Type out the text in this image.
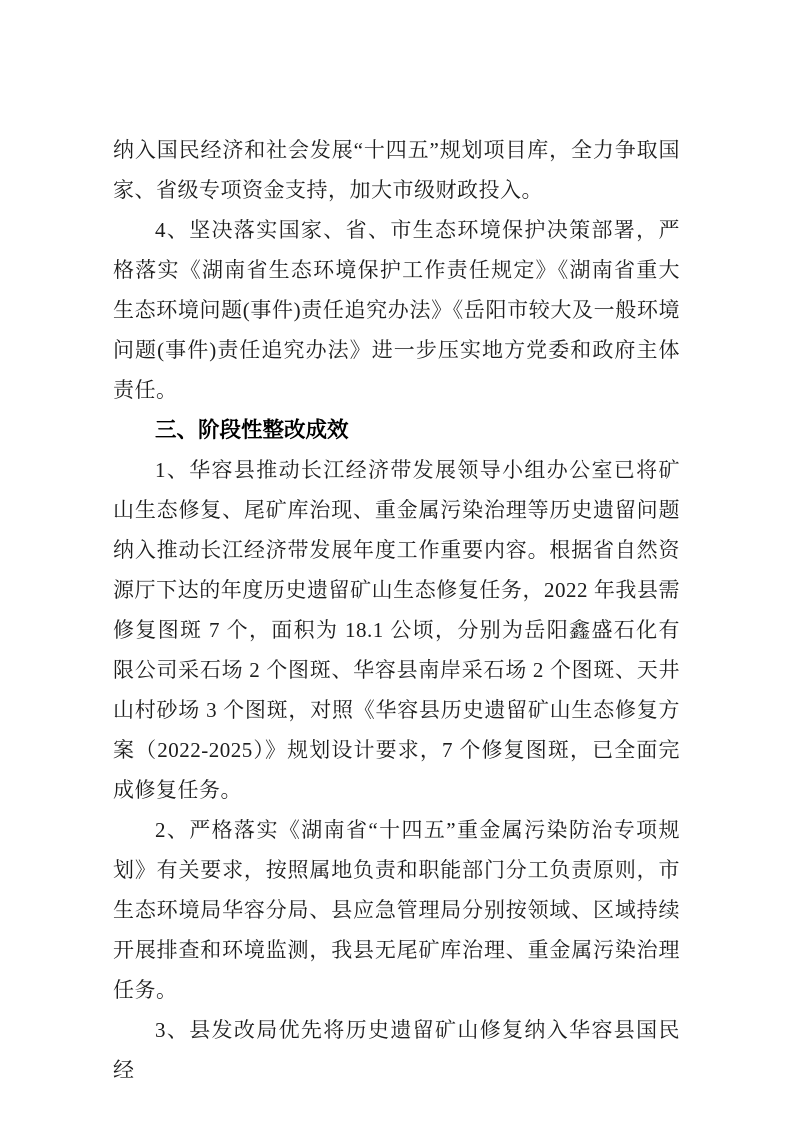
纳入国民经济和社会发展“十四五”规划项目库，全力争取国家、省级专项资金支持，加大市级财政投入。

4、坚决落实国家、省、市生态环境保护决策部署，严格落实《湖南省生态环境保护工作责任规定》《湖南省重大生态环境问题(事件)责任追究办法》《岳阳市较大及一般环境问题(事件)责任追究办法》进一步压实地方党委和政府主体责任。

三、阶段性整改成效

1、华容县推动长江经济带发展领导小组办公室已将矿山生态修复、尾矿库治现、重金属污染治理等历史遗留问题纳入推动长江经济带发展年度工作重要内容。根据省自然资源厅下达的年度历史遗留矿山生态修复任务，2022 年我县需修复图斑 7 个，面积为 18.1 公顷，分别为岳阳鑫盛石化有限公司采石场 2 个图斑、华容县南岸采石场 2 个图斑、天井山村砂场 3 个图斑，对照《华容县历史遗留矿山生态修复方案（2022-2025）》规划设计要求，7 个修复图斑，已全面完成修复任务。

2、严格落实《湖南省“十四五”重金属污染防治专项规划》有关要求，按照属地负责和职能部门分工负责原则，市生态环境局华容分局、县应急管理局分别按领域、区域持续开展排查和环境监测，我县无尾矿库治理、重金属污染治理任务。

3、县发改局优先将历史遗留矿山修复纳入华容县国民经
